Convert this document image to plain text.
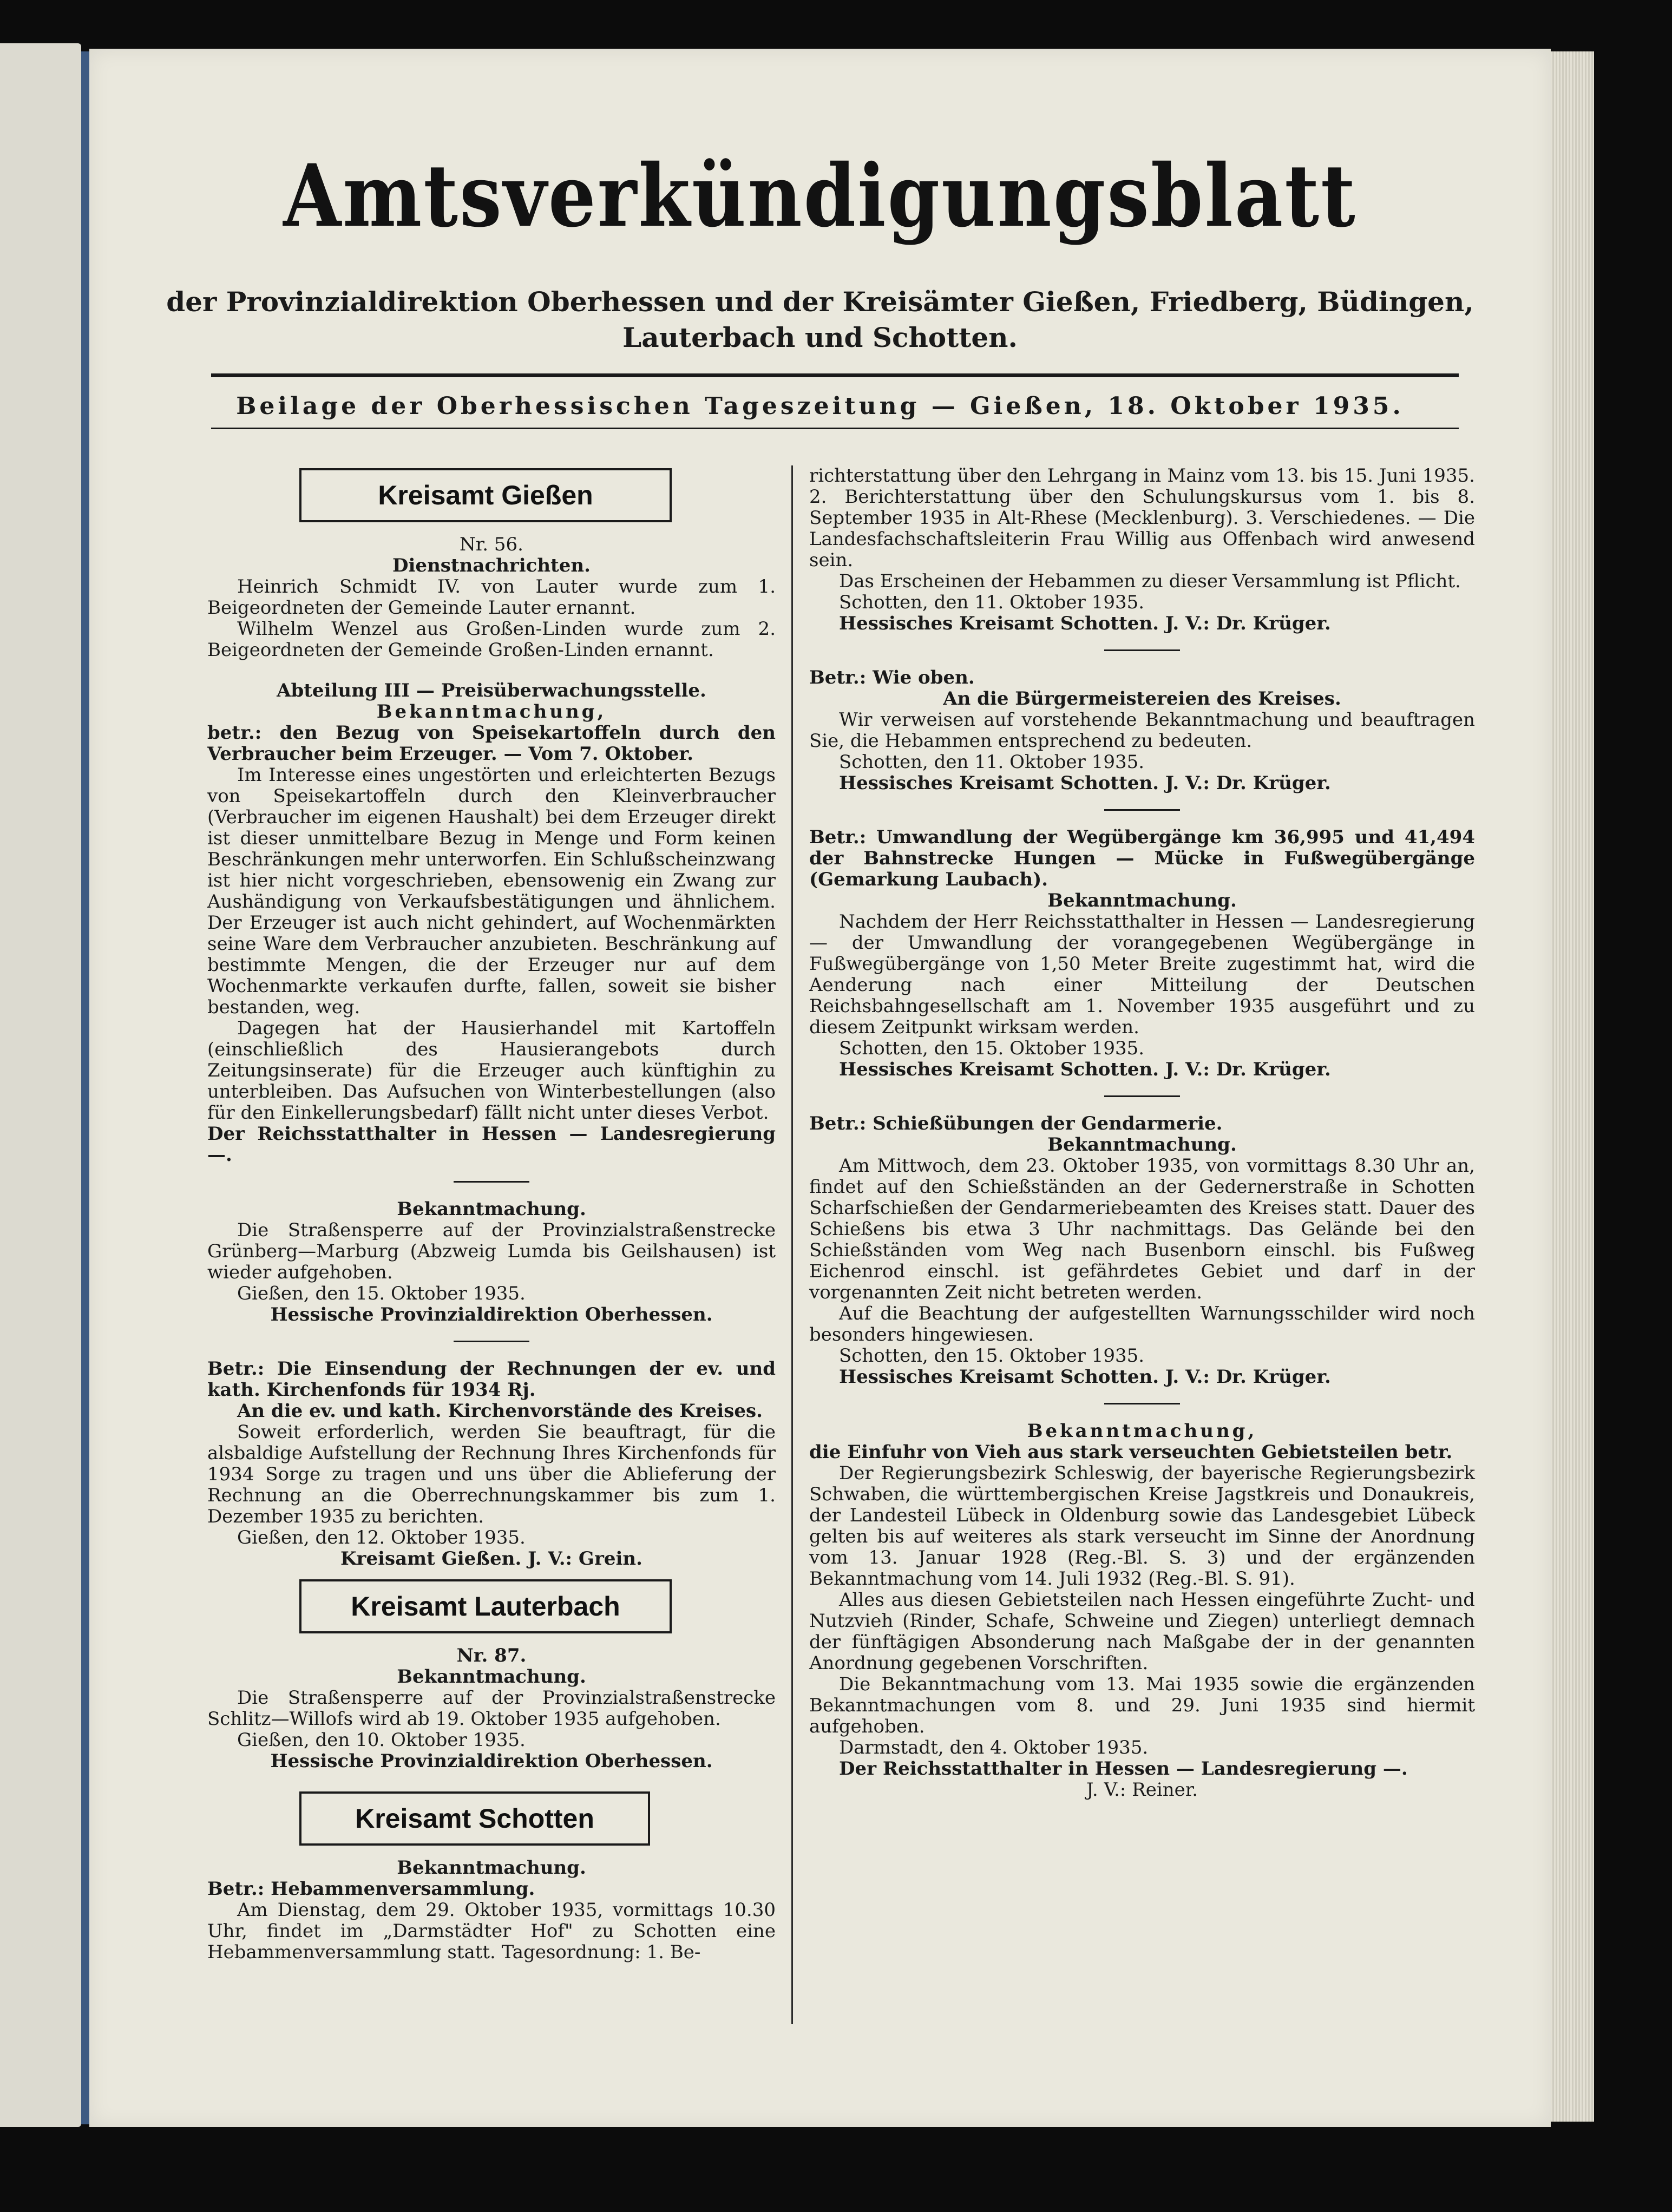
Amtsverkündigungsblatt
der Provinzialdirektion Oberhessen und der Kreisämter Gießen, Friedberg, Büdingen,
Lauterbach und Schotten.
Beilage der Oberhessischen Tageszeitung — Gießen, 18. Oktober 1935.
Kreisamt Gießen

Nr. 56.

Dienstnachrichten.

Heinrich Schmidt IV. von Lauter wurde zum 1. Beigeordneten der Gemeinde Lauter ernannt.

Wilhelm Wenzel aus Großen-Linden wurde zum 2. Beigeordneten der Gemeinde Großen-Linden ernannt.

Abteilung III — Preisüberwachungsstelle.

Bekanntmachung,

betr.: den Bezug von Speisekartoffeln durch den Verbraucher beim Erzeuger. — Vom 7. Oktober.

Im Interesse eines ungestörten und erleichterten Bezugs von Speisekartoffeln durch den Kleinverbraucher (Verbraucher im eigenen Haushalt) bei dem Erzeuger direkt ist dieser unmittelbare Bezug in Menge und Form keinen Beschränkungen mehr unterworfen. Ein Schlußscheinzwang ist hier nicht vorgeschrieben, ebensowenig ein Zwang zur Aushändigung von Verkaufsbestätigungen und ähnlichem. Der Erzeuger ist auch nicht gehindert, auf Wochenmärkten seine Ware dem Verbraucher anzubieten. Beschränkung auf bestimmte Mengen, die der Erzeuger nur auf dem Wochenmarkte verkaufen durfte, fallen, soweit sie bisher bestanden, weg.

Dagegen hat der Hausierhandel mit Kartoffeln (einschließlich des Hausierangebots durch Zeitungsinserate) für die Erzeuger auch künftighin zu unterbleiben. Das Aufsuchen von Winterbestellungen (also für den Einkellerungsbedarf) fällt nicht unter dieses Verbot.

Der Reichsstatthalter in Hessen — Landesregierung —.

Bekanntmachung.

Die Straßensperre auf der Provinzialstraßenstrecke Grünberg—Marburg (Abzweig Lumda bis Geilshausen) ist wieder aufgehoben.

Gießen, den 15. Oktober 1935.

Hessische Provinzialdirektion Oberhessen.

Betr.: Die Einsendung der Rechnungen der ev. und kath. Kirchenfonds für 1934 Rj.

An die ev. und kath. Kirchenvorstände des Kreises.

Soweit erforderlich, werden Sie beauftragt, für die alsbaldige Aufstellung der Rechnung Ihres Kirchenfonds für 1934 Sorge zu tragen und uns über die Ablieferung der Rechnung an die Oberrechnungskammer bis zum 1. Dezember 1935 zu berichten.

Gießen, den 12. Oktober 1935.

Kreisamt Gießen. J. V.: Grein.

Kreisamt Lauterbach

Nr. 87.

Bekanntmachung.

Die Straßensperre auf der Provinzialstraßenstrecke Schlitz—Willofs wird ab 19. Oktober 1935 aufgehoben.

Gießen, den 10. Oktober 1935.

Hessische Provinzialdirektion Oberhessen.

Kreisamt Schotten

Bekanntmachung.

Betr.: Hebammenversammlung.

Am Dienstag, dem 29. Oktober 1935, vormittags 10.30 Uhr, findet im „Darmstädter Hof" zu Schotten eine Hebammenversammlung statt. Tagesordnung: 1. Be-

richterstattung über den Lehrgang in Mainz vom 13. bis 15. Juni 1935. 2. Berichterstattung über den Schulungskursus vom 1. bis 8. September 1935 in Alt-Rhese (Mecklenburg). 3. Verschiedenes. — Die Landesfachschaftsleiterin Frau Willig aus Offenbach wird anwesend sein.

Das Erscheinen der Hebammen zu dieser Versammlung ist Pflicht.

Schotten, den 11. Oktober 1935.

Hessisches Kreisamt Schotten. J. V.: Dr. Krüger.

Betr.: Wie oben.

An die Bürgermeistereien des Kreises.

Wir verweisen auf vorstehende Bekanntmachung und beauftragen Sie, die Hebammen entsprechend zu bedeuten.

Schotten, den 11. Oktober 1935.

Hessisches Kreisamt Schotten. J. V.: Dr. Krüger.

Betr.: Umwandlung der Wegübergänge km 36,995 und 41,494 der Bahnstrecke Hungen — Mücke in Fußwegübergänge (Gemarkung Laubach).

Bekanntmachung.

Nachdem der Herr Reichsstatthalter in Hessen — Landesregierung — der Umwandlung der vorangegebenen Wegübergänge in Fußwegübergänge von 1,50 Meter Breite zugestimmt hat, wird die Aenderung nach einer Mitteilung der Deutschen Reichsbahngesellschaft am 1. November 1935 ausgeführt und zu diesem Zeitpunkt wirksam werden.

Schotten, den 15. Oktober 1935.

Hessisches Kreisamt Schotten. J. V.: Dr. Krüger.

Betr.: Schießübungen der Gendarmerie.

Bekanntmachung.

Am Mittwoch, dem 23. Oktober 1935, von vormittags 8.30 Uhr an, findet auf den Schießständen an der Gedernerstraße in Schotten Scharfschießen der Gendarmeriebeamten des Kreises statt. Dauer des Schießens bis etwa 3 Uhr nachmittags. Das Gelände bei den Schießständen vom Weg nach Busenborn einschl. bis Fußweg Eichenrod einschl. ist gefährdetes Gebiet und darf in der vorgenannten Zeit nicht betreten werden.

Auf die Beachtung der aufgestellten Warnungsschilder wird noch besonders hingewiesen.

Schotten, den 15. Oktober 1935.

Hessisches Kreisamt Schotten. J. V.: Dr. Krüger.

Bekanntmachung,

die Einfuhr von Vieh aus stark verseuchten Gebietsteilen betr.

Der Regierungsbezirk Schleswig, der bayerische Regierungsbezirk Schwaben, die württembergischen Kreise Jagstkreis und Donaukreis, der Landesteil Lübeck in Oldenburg sowie das Landesgebiet Lübeck gelten bis auf weiteres als stark verseucht im Sinne der Anordnung vom 13. Januar 1928 (Reg.-Bl. S. 3) und der ergänzenden Bekanntmachung vom 14. Juli 1932 (Reg.-Bl. S. 91).

Alles aus diesen Gebietsteilen nach Hessen eingeführte Zucht- und Nutzvieh (Rinder, Schafe, Schweine und Ziegen) unterliegt demnach der fünftägigen Absonderung nach Maßgabe der in der genannten Anordnung gegebenen Vorschriften.

Die Bekanntmachung vom 13. Mai 1935 sowie die ergänzenden Bekanntmachungen vom 8. und 29. Juni 1935 sind hiermit aufgehoben.

Darmstadt, den 4. Oktober 1935.

Der Reichsstatthalter in Hessen — Landesregierung —.

J. V.: Reiner.
